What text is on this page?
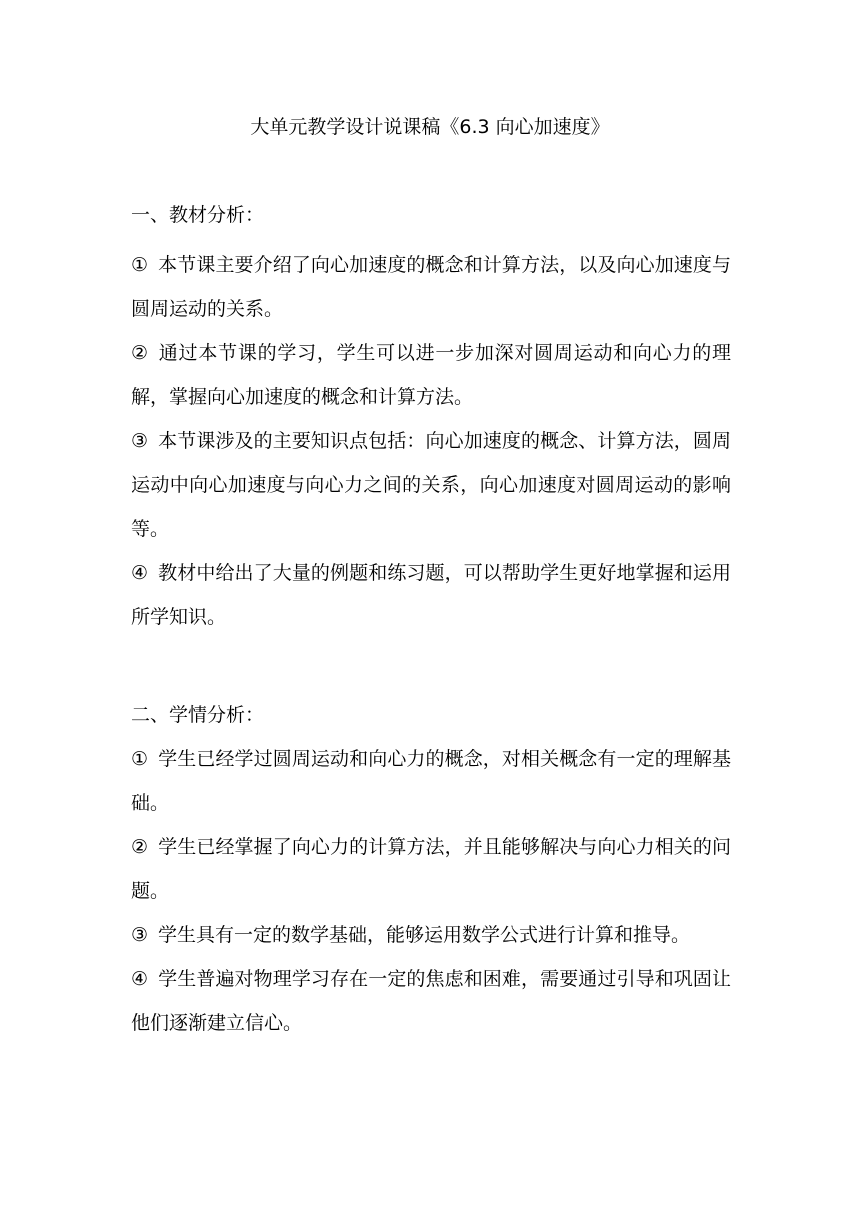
大单元教学设计说课稿《6.3 向心加速度》
一、教材分析：
① 本节课主要介绍了向心加速度的概念和计算方法，以及向心加速度与圆周运动的关系。
② 通过本节课的学习，学生可以进一步加深对圆周运动和向心力的理解，掌握向心加速度的概念和计算方法。
③ 本节课涉及的主要知识点包括：向心加速度的概念、计算方法，圆周运动中向心加速度与向心力之间的关系，向心加速度对圆周运动的影响等。
④ 教材中给出了大量的例题和练习题，可以帮助学生更好地掌握和运用所学知识。
二、学情分析：
① 学生已经学过圆周运动和向心力的概念，对相关概念有一定的理解基础。
② 学生已经掌握了向心力的计算方法，并且能够解决与向心力相关的问题。
③ 学生具有一定的数学基础，能够运用数学公式进行计算和推导。
④ 学生普遍对物理学习存在一定的焦虑和困难，需要通过引导和巩固让他们逐渐建立信心。
